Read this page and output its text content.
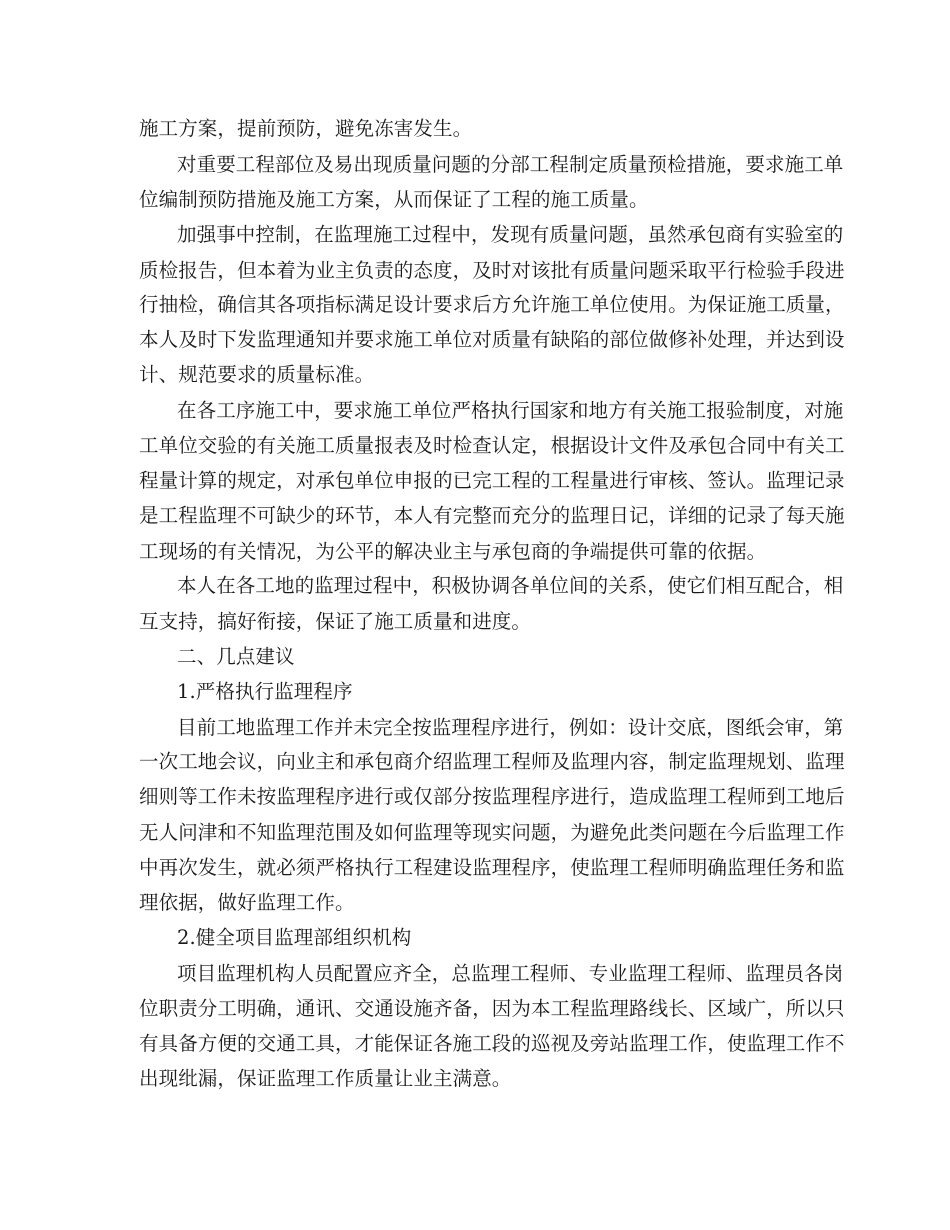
施工方案，提前预防，避免冻害发生。
对重要工程部位及易出现质量问题的分部工程制定质量预检措施，要求施工单
位编制预防措施及施工方案，从而保证了工程的施工质量。
加强事中控制，在监理施工过程中，发现有质量问题，虽然承包商有实验室的
质检报告，但本着为业主负责的态度，及时对该批有质量问题采取平行检验手段进
行抽检，确信其各项指标满足设计要求后方允许施工单位使用。为保证施工质量，
本人及时下发监理通知并要求施工单位对质量有缺陷的部位做修补处理，并达到设
计、规范要求的质量标准。
在各工序施工中，要求施工单位严格执行国家和地方有关施工报验制度，对施
工单位交验的有关施工质量报表及时检查认定，根据设计文件及承包合同中有关工
程量计算的规定，对承包单位申报的已完工程的工程量进行审核、签认。监理记录
是工程监理不可缺少的环节，本人有完整而充分的监理日记，详细的记录了每天施
工现场的有关情况，为公平的解决业主与承包商的争端提供可靠的依据。
本人在各工地的监理过程中，积极协调各单位间的关系，使它们相互配合，相
互支持，搞好衔接，保证了施工质量和进度。
二、几点建议
1.严格执行监理程序
目前工地监理工作并未完全按监理程序进行，例如：设计交底，图纸会审，第
一次工地会议，向业主和承包商介绍监理工程师及监理内容，制定监理规划、监理
细则等工作未按监理程序进行或仅部分按监理程序进行，造成监理工程师到工地后
无人问津和不知监理范围及如何监理等现实问题，为避免此类问题在今后监理工作
中再次发生，就必须严格执行工程建设监理程序，使监理工程师明确监理任务和监
理依据，做好监理工作。
2.健全项目监理部组织机构
项目监理机构人员配置应齐全，总监理工程师、专业监理工程师、监理员各岗
位职责分工明确，通讯、交通设施齐备，因为本工程监理路线长、区域广，所以只
有具备方便的交通工具，才能保证各施工段的巡视及旁站监理工作，使监理工作不
出现纰漏，保证监理工作质量让业主满意。
